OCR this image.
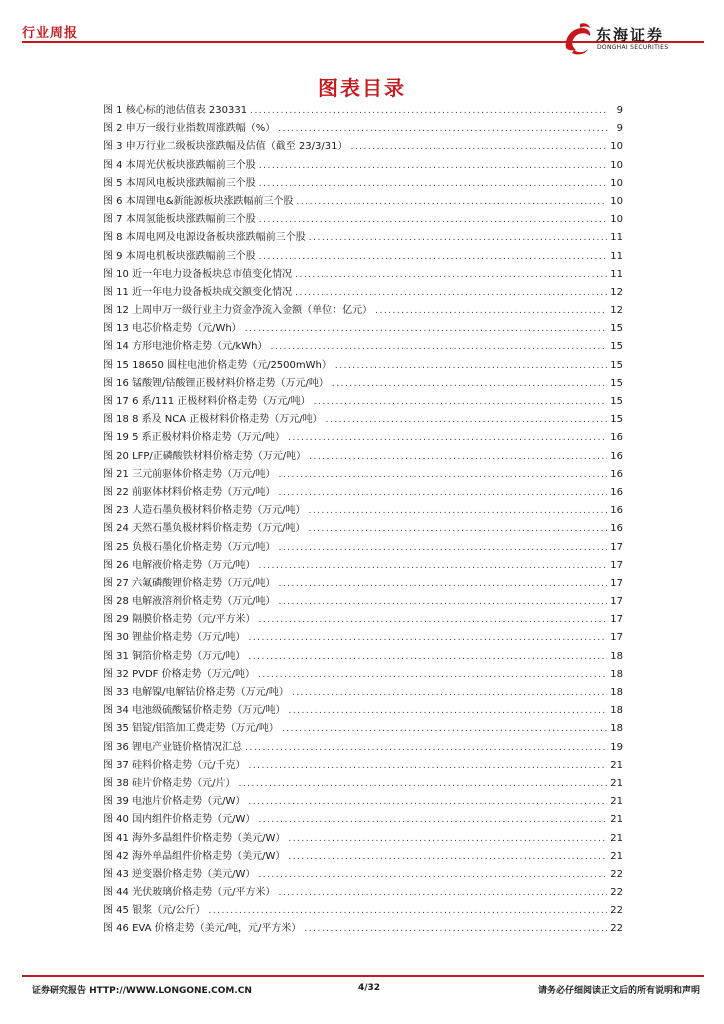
行业周报	东海证券
DONGHAI SECURITIES
图表目录
图 1 核心标的池估值表 230331 .....	9
图 2 申万一级行业指数周涨跌幅（%） .....	9
图 3 申万行业二级板块涨跌幅及估值（截至 23/3/31） .....	10
图 4 本周光伏板块涨跌幅前三个股 .....	10
图 5 本周风电板块涨跌幅前三个股 .....	10
图 6 本周锂电&新能源板块涨跌幅前三个股 .....	10
图 7 本周氢能板块涨跌幅前三个股 .....	10
图 8 本周电网及电源设备板块涨跌幅前三个股 .....	11
图 9 本周电机板块涨跌幅前三个股 .....	11
图 10 近一年电力设备板块总市值变化情况 .....	11
图 11 近一年电力设备板块成交额变化情况 .....	12
图 12 上周申万一级行业主力资金净流入金额（单位：亿元） .....	12
图 13 电芯价格走势（元/Wh） .....	15
图 14 方形电池价格走势（元/kWh） .....	15
图 15 18650 圆柱电池价格走势（元/2500mWh） .....	15
图 16 锰酸锂/钴酸锂正极材料价格走势（万元/吨） .....	15
图 17 6 系/111 正极材料价格走势（万元/吨） .....	15
图 18 8 系及 NCA 正极材料价格走势（万元/吨） .....	15
图 19 5 系正极材料价格走势（万元/吨） .....	16
图 20 LFP/正磷酸铁材料价格走势（万元/吨） .....	16
图 21 三元前驱体价格走势（万元/吨） .....	16
图 22 前驱体材料价格走势（万元/吨） .....	16
图 23 人造石墨负极材料价格走势（万元/吨） .....	16
图 24 天然石墨负极材料价格走势（万元/吨） .....	16
图 25 负极石墨化价格走势（万元/吨） .....	17
图 26 电解液价格走势（万元/吨） .....	17
图 27 六氟磷酸锂价格走势（万元/吨） .....	17
图 28 电解液溶剂价格走势（万元/吨） .....	17
图 29 隔膜价格走势（元/平方米） .....	17
图 30 锂盐价格走势（万元/吨） .....	17
图 31 铜箔价格走势（万元/吨） .....	18
图 32 PVDF 价格走势（万元/吨） .....	18
图 33 电解镍/电解钴价格走势（万元/吨） .....	18
图 34 电池级硫酸锰价格走势（万元/吨） .....	18
图 35 铝锭/铝箔加工费走势（万元/吨） .....	18
图 36 锂电产业链价格情况汇总 .....	19
图 37 硅料价格走势（元/千克） .....	21
图 38 硅片价格走势（元/片） .....	21
图 39 电池片价格走势（元/W） .....	21
图 40 国内组件价格走势（元/W） .....	21
图 41 海外多晶组件价格走势（美元/W） .....	21
图 42 海外单晶组件价格走势（美元/W） .....	21
图 43 逆变器价格走势（美元/W） .....	22
图 44 光伏玻璃价格走势（元/平方米） .....	22
图 45 银浆（元/公斤） .....	22
图 46 EVA 价格走势（美元/吨，元/平方米） .....	22
证券研究报告 HTTP://WWW.LONGONE.COM.CN	4/32	请务必仔细阅读正文后的所有说明和声明
